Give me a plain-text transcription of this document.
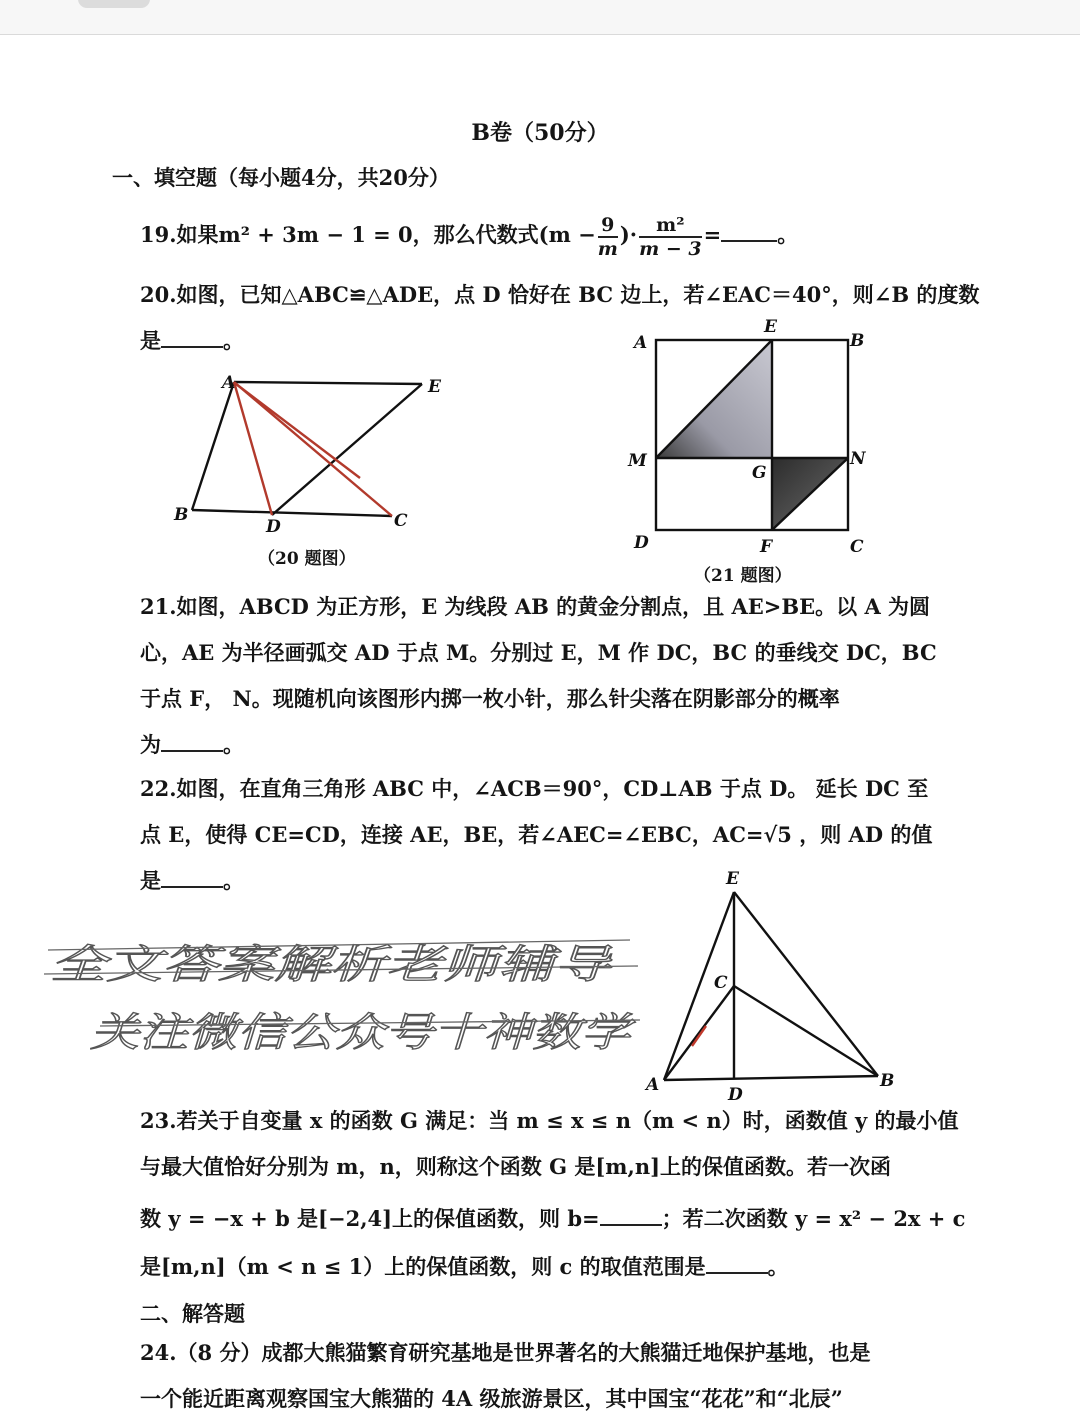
B卷（50分）
一、填空题（每小题4分，共20分）
19.如果m² + 3m − 1 = 0，那么代数式($m - \frac{9}{m}$ )· $\frac{\text{m²}}{m - 3}$ =	。
20.如图，已知△ABC≌△ADE，点 D 恰好在 BC 边上，若∠EAC＝40°，则∠B 的度数
是	。
A	E
B
D	C
（20 题图）
A
E
B
M
G
N
D	F	C
（21 题图）
21.如图，ABCD 为正方形，E 为线段 AB 的黄金分割点，且 AE>BE。以 A 为圆
心，AE 为半径画弧交 AD 于点 M。分别过 E，M 作 DC，BC 的垂线交 DC，BC
于点 F， N。现随机向该图形内掷一枚小针，那么针尖落在阴影部分的概率
为	。
22.如图，在直角三角形 ABC 中，∠ACB＝90°，CD⊥AB 于点 D。 延长 DC 至
点 E，使得 CE=CD，连接 AE，BE，若∠AEC=∠EBC，AC=√5 ，则 AD 的值
是	。	E
C
A	D
B
全文答案解析老师辅导
关注微信公众号十神数学
23.若关于自变量 x 的函数 G 满足：当 m ≤ x ≤ n（m < n）时，函数值 y 的最小值
与最大值恰好分别为 m，n，则称这个函数 G 是[m,n]上的保值函数。若一次函
数 y = −x + b 是[−2,4]上的保值函数，则 b=	；若二次函数 y = x² − 2x + c
是[m,n]（m < n ≤ 1）上的保值函数，则 c 的取值范围是	。
二、解答题
24.（8 分）成都大熊猫繁育研究基地是世界著名的大熊猫迁地保护基地，也是
一个能近距离观察国宝大熊猫的 4A 级旅游景区，其中国宝“花花”和“北辰”
